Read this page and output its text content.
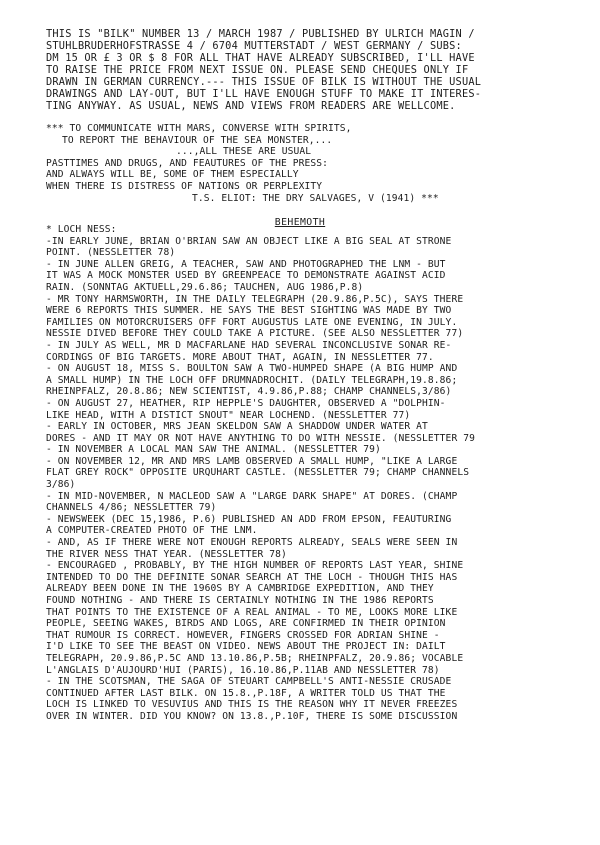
THIS IS "BILK" NUMBER 13 / MARCH 1987 / PUBLISHED BY ULRICH MAGIN /
STUHLBRUDERHOFSTRASSE 4 / 6704 MUTTERSTADT / WEST GERMANY / SUBS:
DM 15 OR £ 3 OR $ 8 FOR ALL THAT HAVE ALREADY SUBSCRIBED, I'LL HAVE
TO RAISE THE PRICE FROM NEXT ISSUE ON. PLEASE SEND CHEQUES ONLY IF
DRAWN IN GERMAN CURRENCY.--- THIS ISSUE OF BILK IS WITHOUT THE USUAL
DRAWINGS AND LAY-OUT, BUT I'LL HAVE ENOUGH STUFF TO MAKE IT INTERES-
TING ANYWAY. AS USUAL, NEWS AND VIEWS FROM READERS ARE WELLCOME.
*** TO COMMUNICATE WITH MARS, CONVERSE WITH SPIRITS,
TO REPORT THE BEHAVIOUR OF THE SEA MONSTER,...
...,ALL THESE ARE USUAL
PASTTIMES AND DRUGS, AND FEAUTURES OF THE PRESS:
AND ALWAYS WILL BE, SOME OF THEM ESPECIALLY
WHEN THERE IS DISTRESS OF NATIONS OR PERPLEXITY
T.S. ELIOT: THE DRY SALVAGES, V (1941) ***
BEHEMOTH
* LOCH NESS:
-IN EARLY JUNE, BRIAN O'BRIAN SAW AN OBJECT LIKE A BIG SEAL AT STRONE
POINT. (NESSLETTER 78)
- IN JUNE ALLEN GREIG, A TEACHER, SAW AND PHOTOGRAPHED THE LNM - BUT
IT WAS A MOCK MONSTER USED BY GREENPEACE TO DEMONSTRATE AGAINST ACID
RAIN. (SONNTAG AKTUELL,29.6.86; TAUCHEN, AUG 1986,P.8)
- MR TONY HARMSWORTH, IN THE DAILY TELEGRAPH (20.9.86,P.5C), SAYS THERE
WERE 6 REPORTS THIS SUMMER. HE SAYS THE BEST SIGHTING WAS MADE BY TWO
FAMILIES ON MOTORCRUISERS OFF FORT AUGUSTUS LATE ONE EVENING, IN JULY.
NESSIE DIVED BEFORE THEY COULD TAKE A PICTURE. (SEE ALSO NESSLETTER 77)
- IN JULY AS WELL, MR D MACFARLANE HAD SEVERAL INCONCLUSIVE SONAR RE-
CORDINGS OF BIG TARGETS. MORE ABOUT THAT, AGAIN, IN NESSLETTER 77.
- ON AUGUST 18, MISS S. BOULTON SAW A TWO-HUMPED SHAPE (A BIG HUMP AND
A SMALL HUMP) IN THE LOCH OFF DRUMNADROCHIT. (DAILY TELEGRAPH,19.8.86;
RHEINPFALZ, 20.8.86; NEW SCIENTIST, 4.9.86,P.88; CHAMP CHANNELS,3/86)
- ON AUGUST 27, HEATHER, RIP HEPPLE'S DAUGHTER, OBSERVED A "DOLPHIN-
LIKE HEAD, WITH A DISTICT SNOUT" NEAR LOCHEND. (NESSLETTER 77)
- EARLY IN OCTOBER, MRS JEAN SKELDON SAW A SHADDOW UNDER WATER AT
DORES - AND IT MAY OR NOT HAVE ANYTHING TO DO WITH NESSIE. (NESSLETTER 79
- IN NOVEMBER A LOCAL MAN SAW THE ANIMAL. (NESSLETTER 79)
- ON NOVEMBER 12, MR AND MRS LAMB OBSERVED A SMALL HUMP, "LIKE A LARGE
FLAT GREY ROCK" OPPOSITE URQUHART CASTLE. (NESSLETTER 79; CHAMP CHANNELS
3/86)
- IN MID-NOVEMBER, N MACLEOD SAW A "LARGE DARK SHAPE" AT DORES. (CHAMP
CHANNELS 4/86; NESSLETTER 79)
- NEWSWEEK (DEC 15,1986, P.6) PUBLISHED AN ADD FROM EPSON, FEAUTURING
A COMPUTER-CREATED PHOTO OF THE LNM.
- AND, AS IF THERE WERE NOT ENOUGH REPORTS ALREADY, SEALS WERE SEEN IN
THE RIVER NESS THAT YEAR. (NESSLETTER 78)
- ENCOURAGED , PROBABLY, BY THE HIGH NUMBER OF REPORTS LAST YEAR, SHINE
INTENDED TO DO THE DEFINITE SONAR SEARCH AT THE LOCH - THOUGH THIS HAS
ALREADY BEEN DONE IN THE 1960S BY A CAMBRIDGE EXPEDITION, AND THEY
FOUND NOTHING - AND THERE IS CERTAINLY NOTHING IN THE 1986 REPORTS
THAT POINTS TO THE EXISTENCE OF A REAL ANIMAL - TO ME, LOOKS MORE LIKE
PEOPLE, SEEING WAKES, BIRDS AND LOGS, ARE CONFIRMED IN THEIR OPINION
THAT RUMOUR IS CORRECT. HOWEVER, FINGERS CROSSED FOR ADRIAN SHINE -
I'D LIKE TO SEE THE BEAST ON VIDEO. NEWS ABOUT THE PROJECT IN: DAILT
TELEGRAPH, 20.9.86,P.5C AND 13.10.86,P.5B; RHEINPFALZ, 20.9.86; VOCABLE
L'ANGLAIS D'AUJOURD'HUI (PARIS), 16.10.86,P.11AB AND NESSLETTER 78)
- IN THE SCOTSMAN, THE SAGA OF STEUART CAMPBELL'S ANTI-NESSIE CRUSADE
CONTINUED AFTER LAST BILK. ON 15.8.,P.18F, A WRITER TOLD US THAT THE
LOCH IS LINKED TO VESUVIUS AND THIS IS THE REASON WHY IT NEVER FREEZES
OVER IN WINTER. DID YOU KNOW? ON 13.8.,P.10F, THERE IS SOME DISCUSSION
